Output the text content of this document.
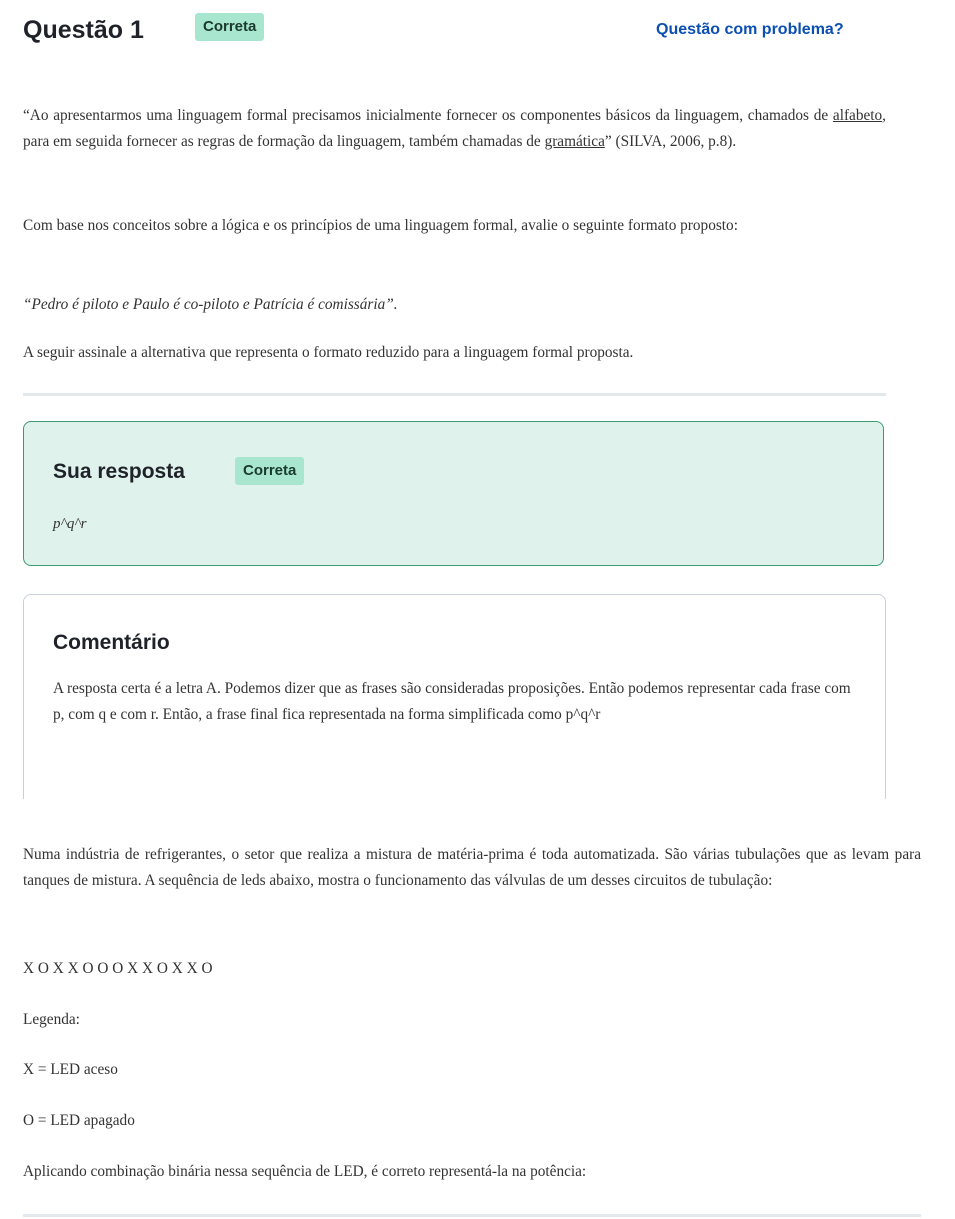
Questão 1	Correta	Questão com problema?

“Ao apresentarmos uma linguagem formal precisamos inicialmente fornecer os componentes básicos da linguagem, chamados de alfabeto, para em seguida fornecer as regras de formação da linguagem, também chamadas de gramática” (SILVA, 2006, p.8).

Com base nos conceitos sobre a lógica e os princípios de uma linguagem formal, avalie o seguinte formato proposto:

“Pedro é piloto e Paulo é co-piloto e Patrícia é comissária”.

A seguir assinale a alternativa que representa o formato reduzido para a linguagem formal proposta.

Sua resposta	Correta
p^q^r
Comentário

A resposta certa é a letra A. Podemos dizer que as frases são consideradas proposições. Então podemos representar cada frase com p, com q e com r. Então, a frase final fica representada na forma simplificada como p^q^r

Numa indústria de refrigerantes, o setor que realiza a mistura de matéria-prima é toda automatizada. São várias tubulações que as levam para tanques de mistura. A sequência de leds abaixo, mostra o funcionamento das válvulas de um desses circuitos de tubulação:

X O X X O O O X X O X X O

Legenda:

X = LED aceso

O = LED apagado

Aplicando combinação binária nessa sequência de LED, é correto representá-la na potência:
